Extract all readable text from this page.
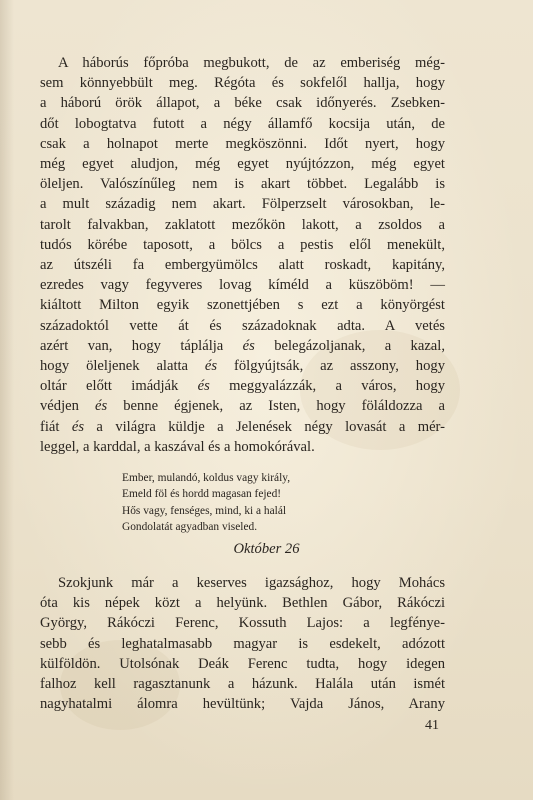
A háborús főpróba megbukott, de az emberiség még-
sem könnyebbült meg. Régóta és sokfelől hallja, hogy
a háború örök állapot, a béke csak időnyerés. Zsebken-
dőt lobogtatva futott a négy államfő kocsija után, de
csak a holnapot merte megköszönni. Időt nyert, hogy
még egyet aludjon, még egyet nyújtózzon, még egyet
öleljen. Valószínűleg nem is akart többet. Legalább is
a mult századig nem akart. Fölperzselt városokban, le-
tarolt falvakban, zaklatott mezőkön lakott, a zsoldos a
tudós körébe taposott, a bölcs a pestis elől menekült,
az útszéli fa embergyümölcs alatt roskadt, kapitány,
ezredes vagy fegyveres lovag kíméld a küszöböm! —
kiáltott Milton egyik szonettjében s ezt a könyörgést
századoktól vette át és századoknak adta. A vetés
azért van, hogy táplálja és belegázoljanak, a kazal,
hogy öleljenek alatta és fölgyújtsák, az asszony, hogy
oltár előtt imádják és meggyalázzák, a város, hogy
védjen és benne égjenek, az Isten, hogy föláldozza a
fiát és a világra küldje a Jelenések négy lovasát a mér-
leggel, a karddal, a kaszával és a homokórával.
Ember, mulandó, koldus vagy király,
Emeld föl és hordd magasan fejed!
Hős vagy, fenséges, mind, ki a halál
Gondolatát agyadban viseled.
Október 26
Szokjunk már a keserves igazsághoz, hogy Mohács
óta kis népek közt a helyünk. Bethlen Gábor, Rákóczi
György, Rákóczi Ferenc, Kossuth Lajos: a legfénye-
sebb és leghatalmasabb magyar is esdekelt, adózott
külföldön. Utolsónak Deák Ferenc tudta, hogy idegen
falhoz kell ragasztanunk a házunk. Halála után ismét
nagyhatalmi álomra hevültünk; Vajda János, Arany
41
